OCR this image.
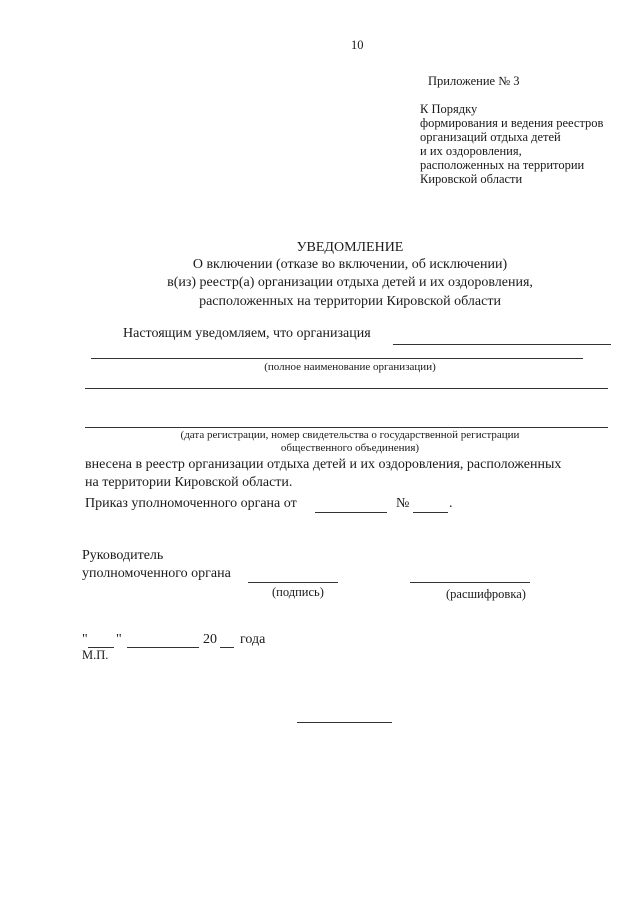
10
Приложение № 3
К Порядку
формирования и ведения реестров
организаций отдыха детей
и их оздоровления,
расположенных на территории
Кировской области
УВЕДОМЛЕНИЕ
О включении (отказе во включении, об исключении)
в(из) реестр(а) организации отдыха детей и их оздоровления,
расположенных на территории Кировской области
Настоящим уведомляем, что организация
(полное наименование организации)
(дата регистрации, номер свидетельства о государственной регистрации
общественного объединения)
внесена в реестр организации отдыха детей и их оздоровления, расположенных
на территории Кировской области.
Приказ уполномоченного органа от	№	.
Руководитель
уполномоченного органа
(подпись)	(расшифровка)
" "	20 года
М.П.
